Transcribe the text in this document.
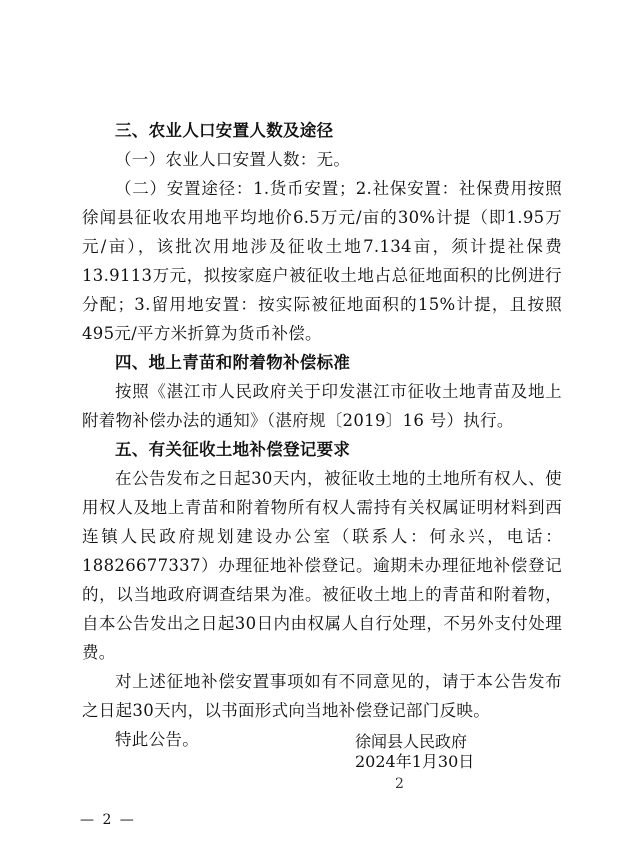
三、农业人口安置人数及途径

（一）农业人口安置人数：无。

（二）安置途径：1.货币安置；2.社保安置：社保费用按照徐闻县征收农用地平均地价6.5万元/亩的30%计提（即1.95万元/亩），该批次用地涉及征收土地7.134亩，须计提社保费13.9113万元，拟按家庭户被征收土地占总征地面积的比例进行分配；3.留用地安置：按实际被征地面积的15%计提，且按照495元/平方米折算为货币补偿。

四、地上青苗和附着物补偿标准

按照《湛江市人民政府关于印发湛江市征收土地青苗及地上附着物补偿办法的通知》（湛府规〔2019〕16 号）执行。

五、有关征收土地补偿登记要求

在公告发布之日起30天内，被征收土地的土地所有权人、使用权人及地上青苗和附着物所有权人需持有关权属证明材料到西连镇人民政府规划建设办公室（联系人：何永兴，电话：18826677337）办理征地补偿登记。逾期未办理征地补偿登记的，以当地政府调查结果为准。被征收土地上的青苗和附着物，自本公告发出之日起30日内由权属人自行处理，不另外支付处理费。

对上述征地补偿安置事项如有不同意见的，请于本公告发布之日起30天内，以书面形式向当地补偿登记部门反映。

特此公告。	徐闻县人民政府
2024年1月30日
2
— 2 —
